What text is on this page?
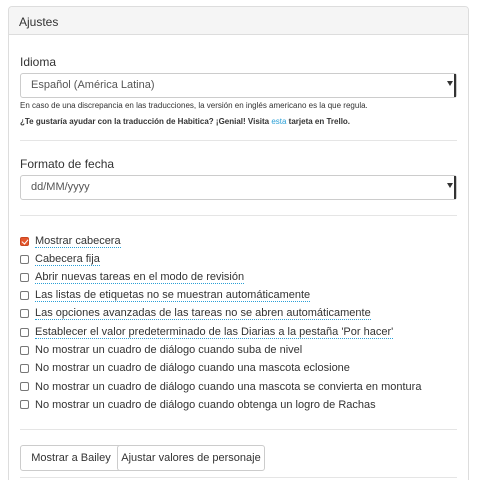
Ajustes
Idioma
Español (América Latina)
En caso de una discrepancia en las traducciones, la versión en inglés americano es la que regula.
¿Te gustaría ayudar con la traducción de Habitica? ¡Genial! Visita esta tarjeta en Trello.
Formato de fecha
dd/MM/yyyy
Mostrar cabecera
Cabecera fija
Abrir nuevas tareas en el modo de revisión
Las listas de etiquetas no se muestran automáticamente
Las opciones avanzadas de las tareas no se abren automáticamente
Establecer el valor predeterminado de las Diarias a la pestaña 'Por hacer'
No mostrar un cuadro de diálogo cuando suba de nivel
No mostrar un cuadro de diálogo cuando una mascota eclosione
No mostrar un cuadro de diálogo cuando una mascota se convierta en montura
No mostrar un cuadro de diálogo cuando obtenga un logro de Rachas
Mostrar a Bailey Ajustar valores de personaje
